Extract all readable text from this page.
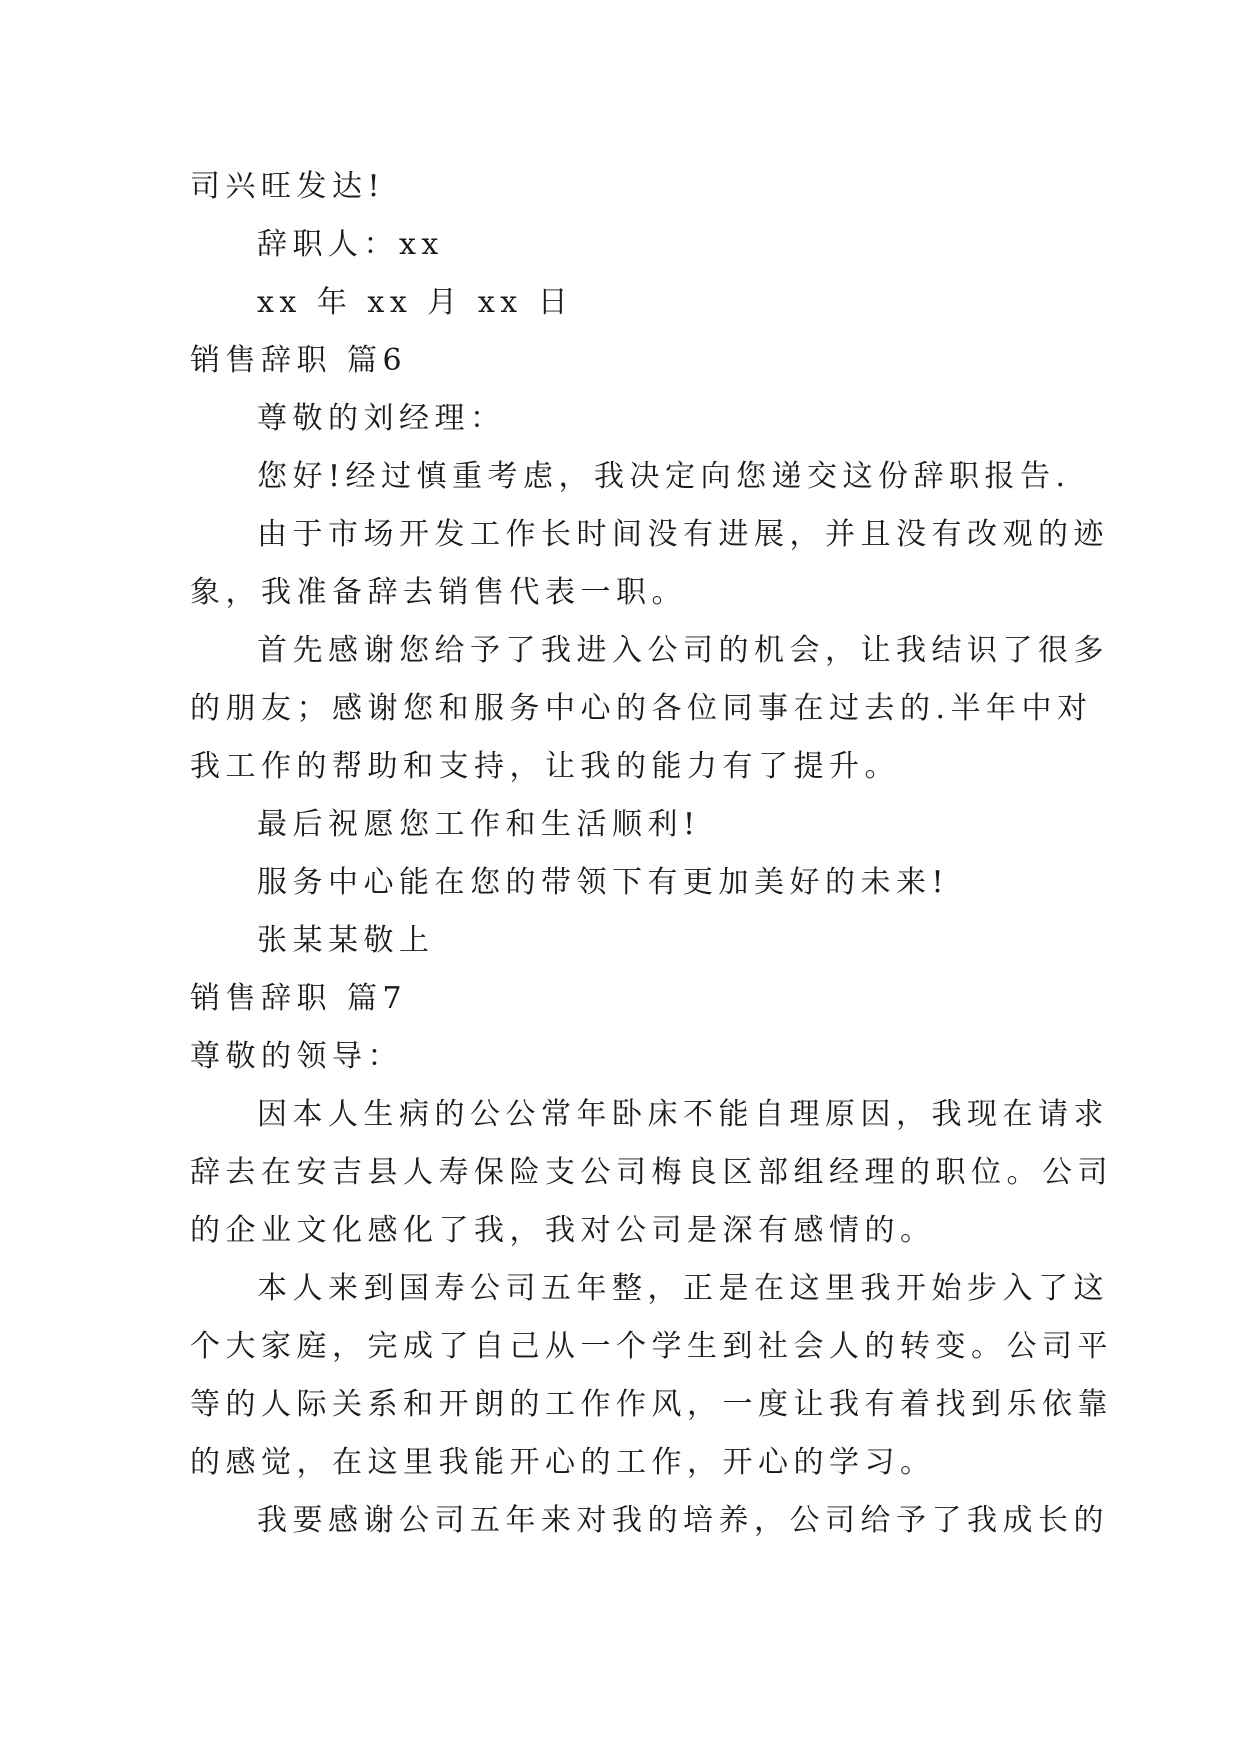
司兴旺发达!
辞职人：xx
xx 年 xx 月 xx 日
销售辞职 篇6
尊敬的刘经理：
您好!经过慎重考虑，我决定向您递交这份辞职报告.
由于市场开发工作长时间没有进展，并且没有改观的迹
象，我准备辞去销售代表一职。
首先感谢您给予了我进入公司的机会，让我结识了很多
的朋友；感谢您和服务中心的各位同事在过去的.半年中对
我工作的帮助和支持，让我的能力有了提升。
最后祝愿您工作和生活顺利!
服务中心能在您的带领下有更加美好的未来!
张某某敬上
销售辞职 篇7
尊敬的领导：
因本人生病的公公常年卧床不能自理原因，我现在请求
辞去在安吉县人寿保险支公司梅良区部组经理的职位。公司
的企业文化感化了我，我对公司是深有感情的。
本人来到国寿公司五年整，正是在这里我开始步入了这
个大家庭，完成了自己从一个学生到社会人的转变。公司平
等的人际关系和开朗的工作作风，一度让我有着找到乐依靠
的感觉，在这里我能开心的工作，开心的学习。
我要感谢公司五年来对我的培养，公司给予了我成长的
